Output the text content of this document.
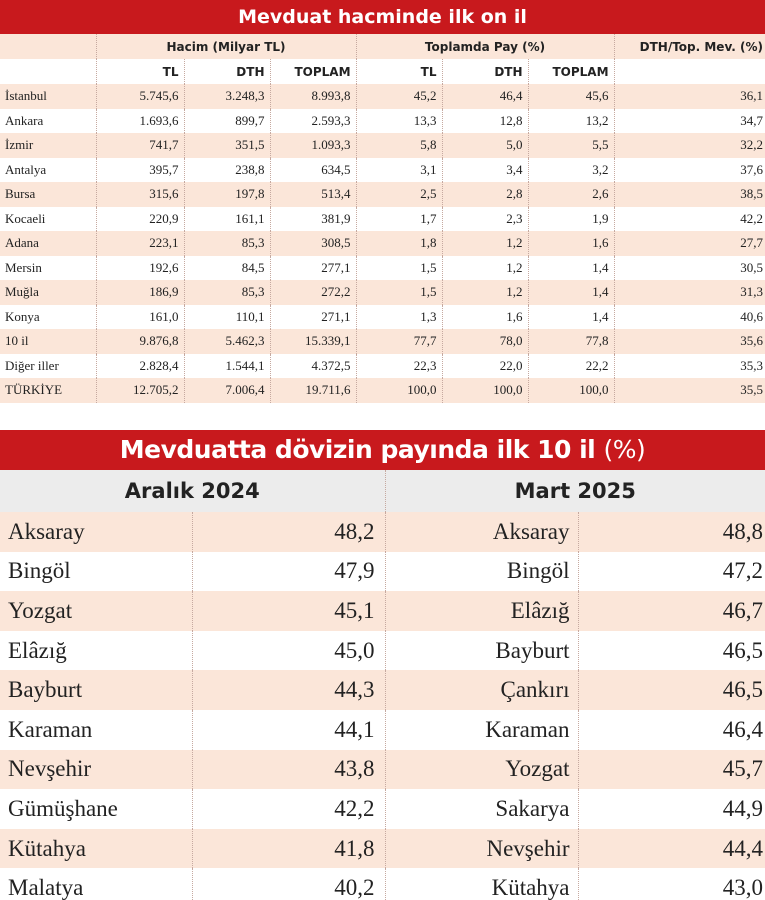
Mevduat hacminde ilk on il
	Hacim (Milyar TL)			Toplamda Pay (%)			DTH/Top. Mev. (%)
	TL	DTH	TOPLAM	TL	DTH	TOPLAM	
İstanbul	5.745,6	3.248,3	8.993,8	45,2	46,4	45,6	36,1
Ankara	1.693,6	899,7	2.593,3	13,3	12,8	13,2	34,7
İzmir	741,7	351,5	1.093,3	5,8	5,0	5,5	32,2
Antalya	395,7	238,8	634,5	3,1	3,4	3,2	37,6
Bursa	315,6	197,8	513,4	2,5	2,8	2,6	38,5
Kocaeli	220,9	161,1	381,9	1,7	2,3	1,9	42,2
Adana	223,1	85,3	308,5	1,8	1,2	1,6	27,7
Mersin	192,6	84,5	277,1	1,5	1,2	1,4	30,5
Muğla	186,9	85,3	272,2	1,5	1,2	1,4	31,3
Konya	161,0	110,1	271,1	1,3	1,6	1,4	40,6
10 il	9.876,8	5.462,3	15.339,1	77,7	78,0	77,8	35,6
Diğer iller	2.828,4	1.544,1	4.372,5	22,3	22,0	22,2	35,3
TÜRKİYE	12.705,2	7.006,4	19.711,6	100,0	100,0	100,0	35,5
Mevduatta dövizin payında ilk 10 il (%)
Aralık 2024		Mart 2025	
Aksaray	48,2	Aksaray	48,8
Bingöl	47,9	Bingöl	47,2
Yozgat	45,1	Elâzığ	46,7
Elâzığ	45,0	Bayburt	46,5
Bayburt	44,3	Çankırı	46,5
Karaman	44,1	Karaman	46,4
Nevşehir	43,8	Yozgat	45,7
Gümüşhane	42,2	Sakarya	44,9
Kütahya	41,8	Nevşehir	44,4
Malatya	40,2	Kütahya	43,0
